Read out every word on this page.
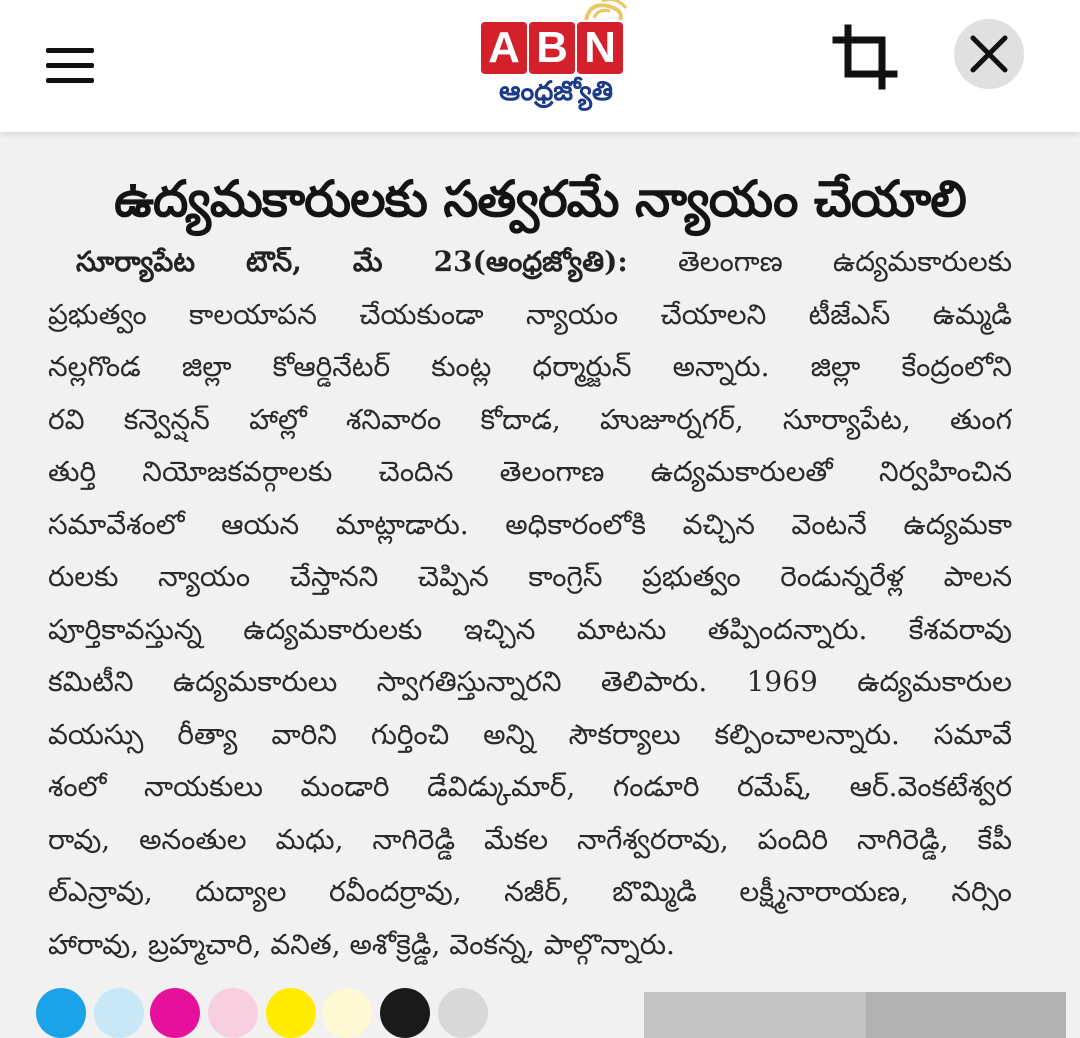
A B N
ఆంధ్రజ్యోతి
ఉద్యమకారులకు సత్వరమే న్యాయం చేయాలి
 సూర్యాపేట టౌన్, మే 23(ఆంధ్రజ్యోతి): తెలంగాణ ఉద్యమకారులకు
ప్రభుత్వం కాలయాపన చేయకుండా న్యాయం చేయాలని టీజేఎస్ ఉమ్మడి
నల్లగొండ జిల్లా కోఆర్డినేటర్ కుంట్ల ధర్మార్జున్ అన్నారు. జిల్లా కేంద్రంలోని
రవి కన్వెన్షన్ హాల్లో శనివారం కోదాడ, హుజూర్నగర్, సూర్యాపేట, తుంగ
తుర్తి నియోజకవర్గాలకు చెందిన తెలంగాణ ఉద్యమకారులతో నిర్వహించిన
సమావేశంలో ఆయన మాట్లాడారు. అధికారంలోకి వచ్చిన వెంటనే ఉద్యమకా
రులకు న్యాయం చేస్తానని చెప్పిన కాంగ్రెస్ ప్రభుత్వం రెండున్నరేళ్ల పాలన
పూర్తికావస్తున్న ఉద్యమకారులకు ఇచ్చిన మాటను తప్పిందన్నారు. కేశవరావు
కమిటీని ఉద్యమకారులు స్వాగతిస్తున్నారని తెలిపారు. 1969 ఉద్యమకారుల
వయస్సు రీత్యా వారిని గుర్తించి అన్ని సౌకర్యాలు కల్పించాలన్నారు. సమావే
శంలో నాయకులు మండారి డేవిడ్కుమార్, గండూరి రమేష్, ఆర్.వెంకటేశ్వర
రావు, అనంతుల మధు, నాగిరెడ్డి మేకల నాగేశ్వరరావు, పందిరి నాగిరెడ్డి, కేపీ
ల్ఎన్రావు, దుద్యాల రవీందర్రావు, నజీర్, బొమ్మిడి లక్ష్మీనారాయణ, నర్సిం
హారావు, బ్రహ్మచారి, వనిత, అశోక్రెడ్డి, వెంకన్న, పాల్గొన్నారు.
